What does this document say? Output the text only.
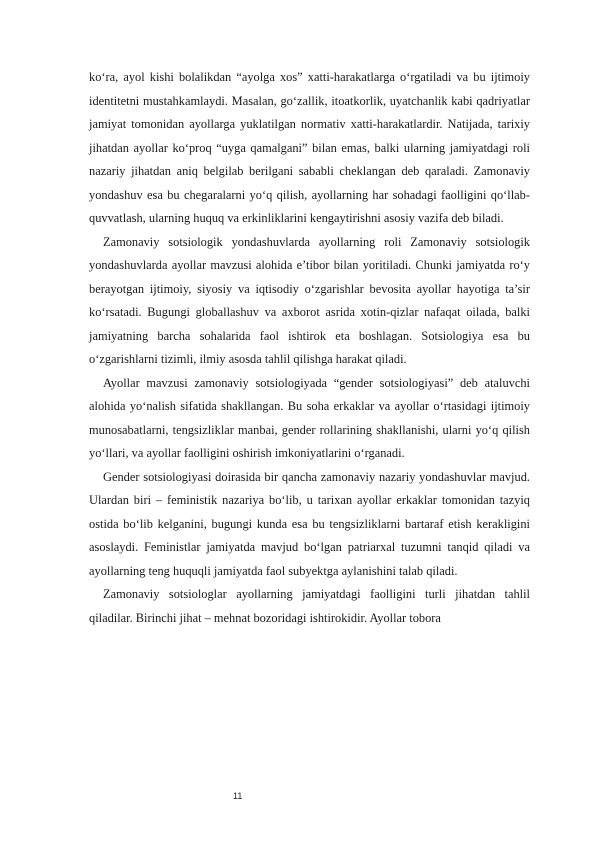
ko‘ra, ayol kishi bolalikdan “ayolga xos” xatti-harakatlarga o‘rgatiladi va bu ijtimoiy identitetni mustahkamlaydi. Masalan, go‘zallik, itoatkorlik, uyatchanlik kabi qadriyatlar jamiyat tomonidan ayollarga yuklatilgan normativ xatti-harakatlardir. Natijada, tarixiy jihatdan ayollar ko‘proq “uyga qamalgani” bilan emas, balki ularning jamiyatdagi roli nazariy jihatdan aniq belgilab berilgani sababli cheklangan deb qaraladi. Zamonaviy yondashuv esa bu chegaralarni yo‘q qilish, ayollarning har sohadagi faolligini qo‘llab-quvvatlash, ularning huquq va erkinliklarini kengaytirishni asosiy vazifa deb biladi.

Zamonaviy sotsiologik yondashuvlarda ayollarning roli Zamonaviy sotsiologik yondashuvlarda ayollar mavzusi alohida e’tibor bilan yoritiladi. Chunki jamiyatda ro‘y berayotgan ijtimoiy, siyosiy va iqtisodiy o‘zgarishlar bevosita ayollar hayotiga ta’sir ko‘rsatadi. Bugungi globallashuv va axborot asrida xotin-qizlar nafaqat oilada, balki jamiyatning barcha sohalarida faol ishtirok eta boshlagan. Sotsiologiya esa bu o‘zgarishlarni tizimli, ilmiy asosda tahlil qilishga harakat qiladi.

Ayollar mavzusi zamonaviy sotsiologiyada “gender sotsiologiyasi” deb ataluvchi alohida yo‘nalish sifatida shakllangan. Bu soha erkaklar va ayollar o‘rtasidagi ijtimoiy munosabatlarni, tengsizliklar manbai, gender rollarining shakllanishi, ularni yo‘q qilish yo‘llari, va ayollar faolligini oshirish imkoniyatlarini o‘rganadi.

Gender sotsiologiyasi doirasida bir qancha zamonaviy nazariy yondashuvlar mavjud. Ulardan biri – feministik nazariya bo‘lib, u tarixan ayollar erkaklar tomonidan tazyiq ostida bo‘lib kelganini, bugungi kunda esa bu tengsizliklarni bartaraf etish kerakligini asoslaydi. Feministlar jamiyatda mavjud bo‘lgan patriarxal tuzumni tanqid qiladi va ayollarning teng huquqli jamiyatda faol subyektga aylanishini talab qiladi.

Zamonaviy sotsiologlar ayollarning jamiyatdagi faolligini turli jihatdan tahlil qiladilar. Birinchi jihat – mehnat bozoridagi ishtirokidir. Ayollar tobora

11
